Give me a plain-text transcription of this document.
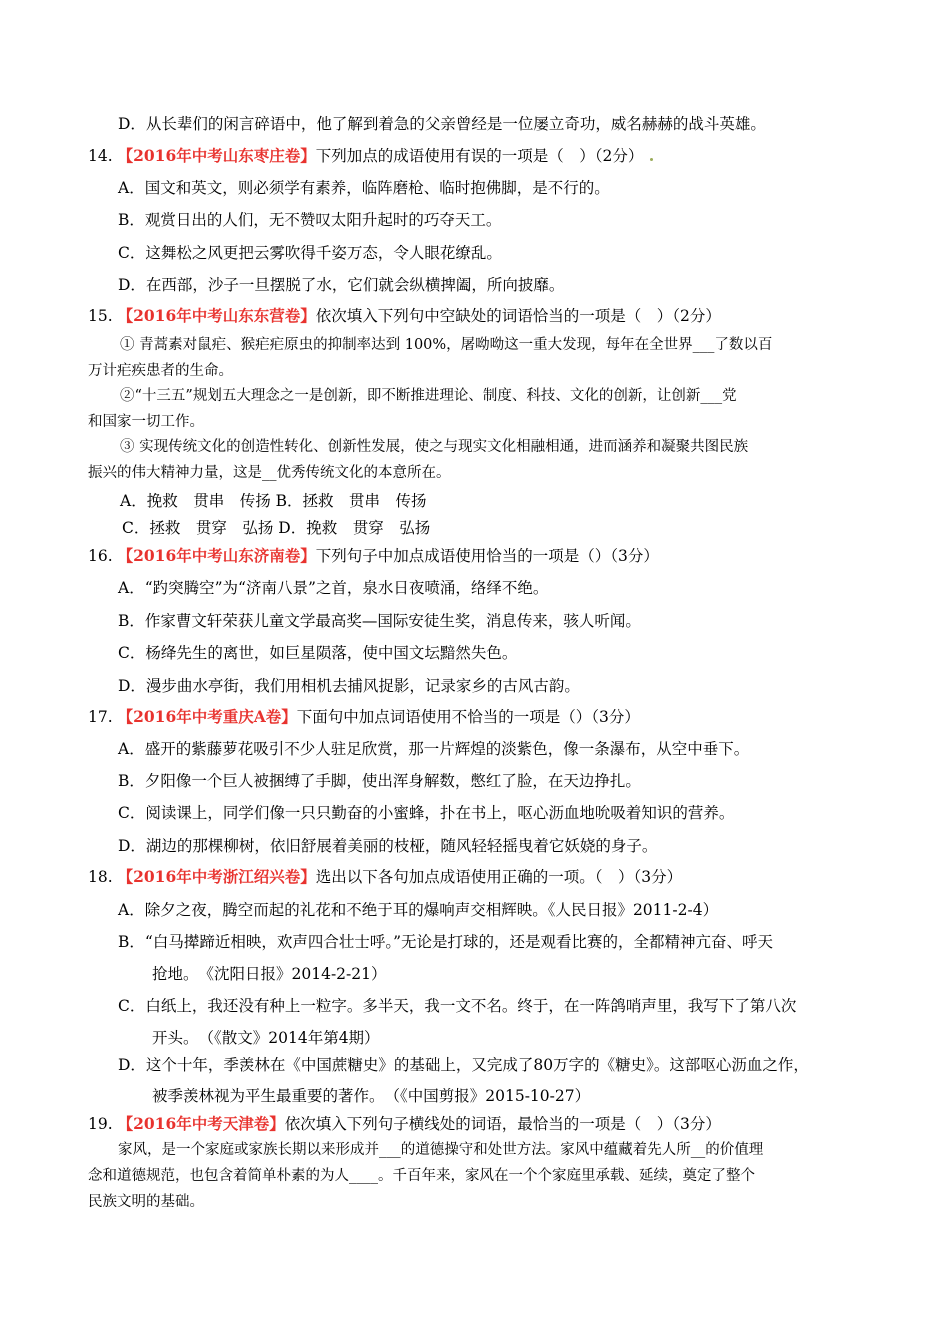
D．从长辈们的闲言碎语中，他了解到着急的父亲曾经是一位屡立奇功，威名赫赫的战斗英雄。
14. 【2016年中考山东枣庄卷】下列加点的成语使用有误的一项是（　）（2分）
A．国文和英文，则必须学有素养，临阵磨枪、临时抱佛脚，是不行的。
B．观赏日出的人们，无不赞叹太阳升起时的巧夺天工。
C．这舞松之风更把云雾吹得千姿万态，令人眼花缭乱。
D．在西部，沙子一旦摆脱了水，它们就会纵横捭阖，所向披靡。
15. 【2016年中考山东东营卷】依次填入下列句中空缺处的词语恰当的一项是（　）（2分）
① 青蒿素对鼠疟、猴疟疟原虫的抑制率达到 100%，屠呦呦这一重大发现，每年在全世界___了数以百
万计疟疾患者的生命。
②“十三五”规划五大理念之一是创新，即不断推进理论、制度、科技、文化的创新，让创新___党
和国家一切工作。
③ 实现传统文化的创造性转化、创新性发展，使之与现实文化相融相通，进而涵养和凝聚共图民族
振兴的伟大精神力量，这是__优秀传统文化的本意所在。
A．挽救　贯串　传扬 B．拯救　贯串　传扬
C．拯救　贯穿　弘扬 D．挽救　贯穿　弘扬
16. 【2016年中考山东济南卷】下列句子中加点成语使用恰当的一项是（）（3分）
A．“趵突腾空”为“济南八景”之首，泉水日夜喷涌，络绎不绝。
B．作家曹文轩荣获儿童文学最高奖—国际安徒生奖，消息传来，骇人听闻。
C．杨绛先生的离世，如巨星陨落，使中国文坛黯然失色。
D．漫步曲水亭街，我们用相机去捕风捉影，记录家乡的古风古韵。
17. 【2016年中考重庆A卷】下面句中加点词语使用不恰当的一项是（）（3分）
A．盛开的紫藤萝花吸引不少人驻足欣赏，那一片辉煌的淡紫色，像一条瀑布，从空中垂下。
B．夕阳像一个巨人被捆缚了手脚，使出浑身解数，憋红了脸，在天边挣扎。
C．阅读课上，同学们像一只只勤奋的小蜜蜂，扑在书上，呕心沥血地吮吸着知识的营养。
D．湖边的那棵柳树，依旧舒展着美丽的枝桠，随风轻轻摇曳着它妖娆的身子。
18. 【2016年中考浙江绍兴卷】选出以下各句加点成语使用正确的一项。（　）（3分）
A．除夕之夜，腾空而起的礼花和不绝于耳的爆响声交相辉映。《人民日报》2011-2-4）
B．“白马撵蹄近相映，欢声四合壮士呼。”无论是打球的，还是观看比赛的，全都精神亢奋、呼天
抢地。　《沈阳日报》2014-2-21）
C．白纸上，我还没有种上一粒字。多半天，我一文不名。终于，在一阵鸽哨声里，我写下了第八次
开头。　（《散文》2014年第4期）
D．这个十年，季羡林在《中国蔗糖史》的基础上，又完成了80万字的《糖史》。这部呕心沥血之作，
被季羡林视为平生最重要的著作。　（《中国剪报》2015-10-27）
19. 【2016年中考天津卷】依次填入下列句子横线处的词语，最恰当的一项是（　）（3分）
家风，是一个家庭或家族长期以来形成并___的道德操守和处世方法。家风中蕴藏着先人所__的价值理
念和道德规范，也包含着简单朴素的为人____。千百年来，家风在一个个家庭里承载、延续，奠定了整个
民族文明的基础。
